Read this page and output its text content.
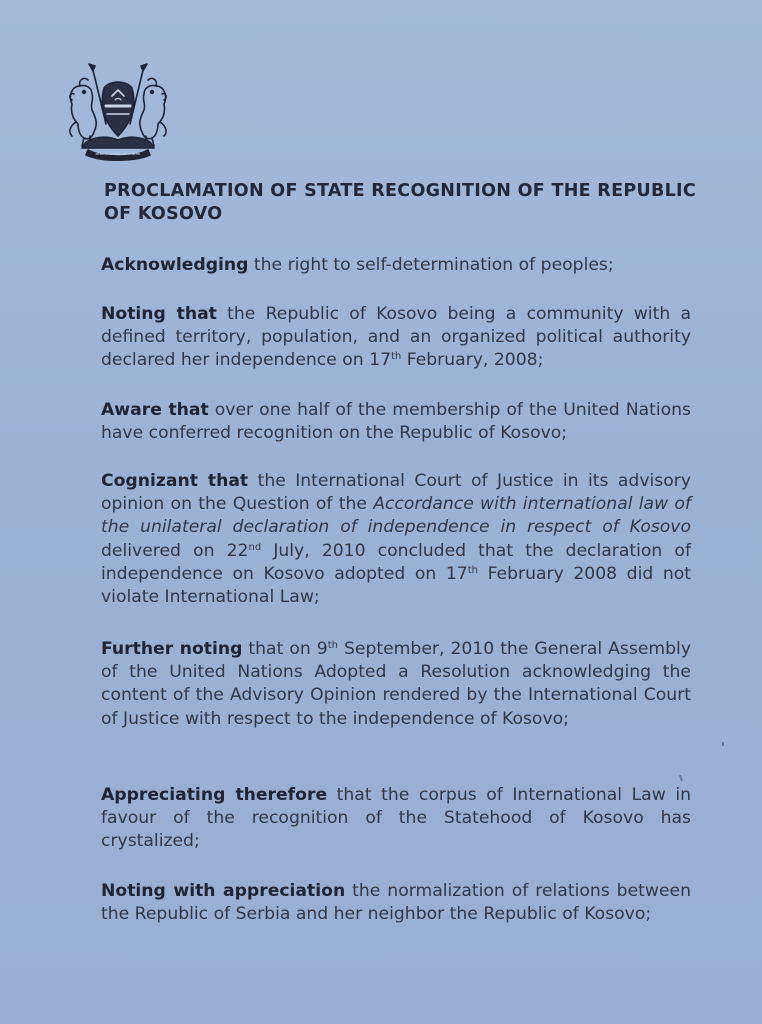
PROCLAMATION OF STATE RECOGNITION OF THE REPUBLIC OF KOSOVO

Acknowledging the right to self-determination of peoples;

Noting that the Republic of Kosovo being a community with a defined territory, population, and an organized political authority declared her independence on 17th February, 2008;

Aware that over one half of the membership of the United Nations have conferred recognition on the Republic of Kosovo;

Cognizant that the International Court of Justice in its advisory opinion on the Question of the Accordance with international law of the unilateral declaration of independence in respect of Kosovo delivered on 22nd July, 2010 concluded that the declaration of independence on Kosovo adopted on 17th February 2008 did not violate International Law;

Further noting that on 9th September, 2010 the General Assembly of the United Nations Adopted a Resolution acknowledging the content of the Advisory Opinion rendered by the International Court of Justice with respect to the independence of Kosovo;

Appreciating therefore that the corpus of International Law in favour of the recognition of the Statehood of Kosovo has crystalized;

Noting with appreciation the normalization of relations between the Republic of Serbia and her neighbor the Republic of Kosovo;
